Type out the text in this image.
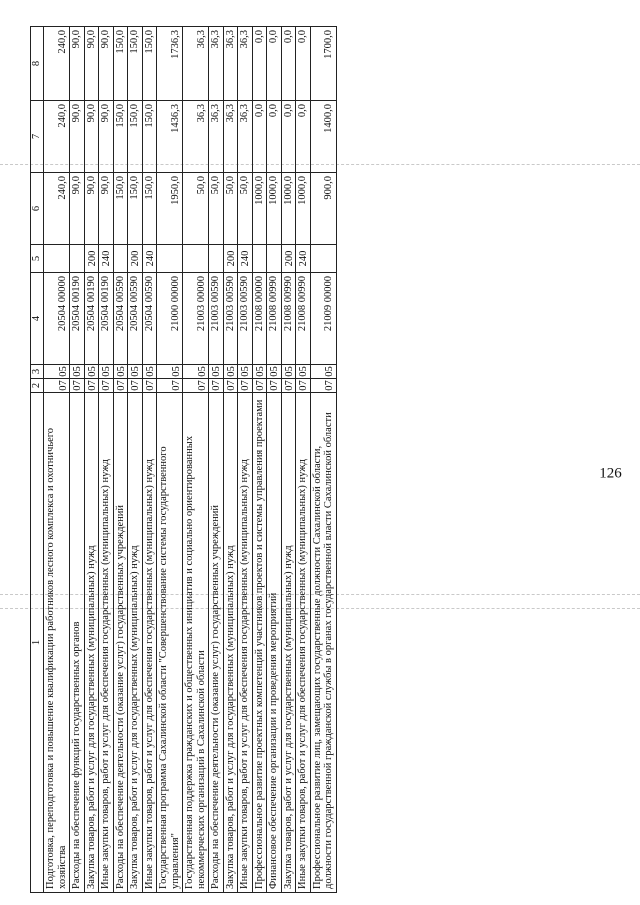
126
1	2	3	4	5	6	7	8
Подготовка, переподготовка и повышение квалификации работников лесного комплекса и охотничьего хозяйства	07	05	20504 00000		240,0	240,0	240,0
Расходы на обеспечение функций государственных органов	07	05	20504 00190		90,0	90,0	90,0
Закупка товаров, работ и услуг для государственных (муниципальных) нужд	07	05	20504 00190	200	90,0	90,0	90,0
Иные закупки товаров, работ и услуг для обеспечения государственных (муниципальных) нужд	07	05	20504 00190	240	90,0	90,0	90,0
Расходы на обеспечение деятельности (оказание услуг) государственных учреждений	07	05	20504 00590		150,0	150,0	150,0
Закупка товаров, работ и услуг для государственных (муниципальных) нужд	07	05	20504 00590	200	150,0	150,0	150,0
Иные закупки товаров, работ и услуг для обеспечения государственных (муниципальных) нужд	07	05	20504 00590	240	150,0	150,0	150,0
Государственная программа Сахалинской области "Совершенствование системы государственного управления"	07	05	21000 00000		1950,0	1436,3	1736,3
Государственная поддержка гражданских и общественных инициатив и социально ориентированных некоммерческих организаций в Сахалинской области	07	05	21003 00000		50,0	36,3	36,3
Расходы на обеспечение деятельности (оказание услуг) государственных учреждений	07	05	21003 00590		50,0	36,3	36,3
Закупка товаров, работ и услуг для государственных (муниципальных) нужд	07	05	21003 00590	200	50,0	36,3	36,3
Иные закупки товаров, работ и услуг для обеспечения государственных (муниципальных) нужд	07	05	21003 00590	240	50,0	36,3	36,3
Профессиональное развитие проектных компетенций участников проектов и системы управления проектами	07	05	21008 00000		1000,0	0,0	0,0
Финансовое обеспечение организации и проведения мероприятий	07	05	21008 00990		1000,0	0,0	0,0
Закупка товаров, работ и услуг для государственных (муниципальных) нужд	07	05	21008 00990	200	1000,0	0,0	0,0
Иные закупки товаров, работ и услуг для обеспечения государственных (муниципальных) нужд	07	05	21008 00990	240	1000,0	0,0	0,0
Профессиональное развитие лиц, замещающих государственные должности Сахалинской области, должности государственной гражданской службы в органах государственной власти Сахалинской области	07	05	21009 00000		900,0	1400,0	1700,0
